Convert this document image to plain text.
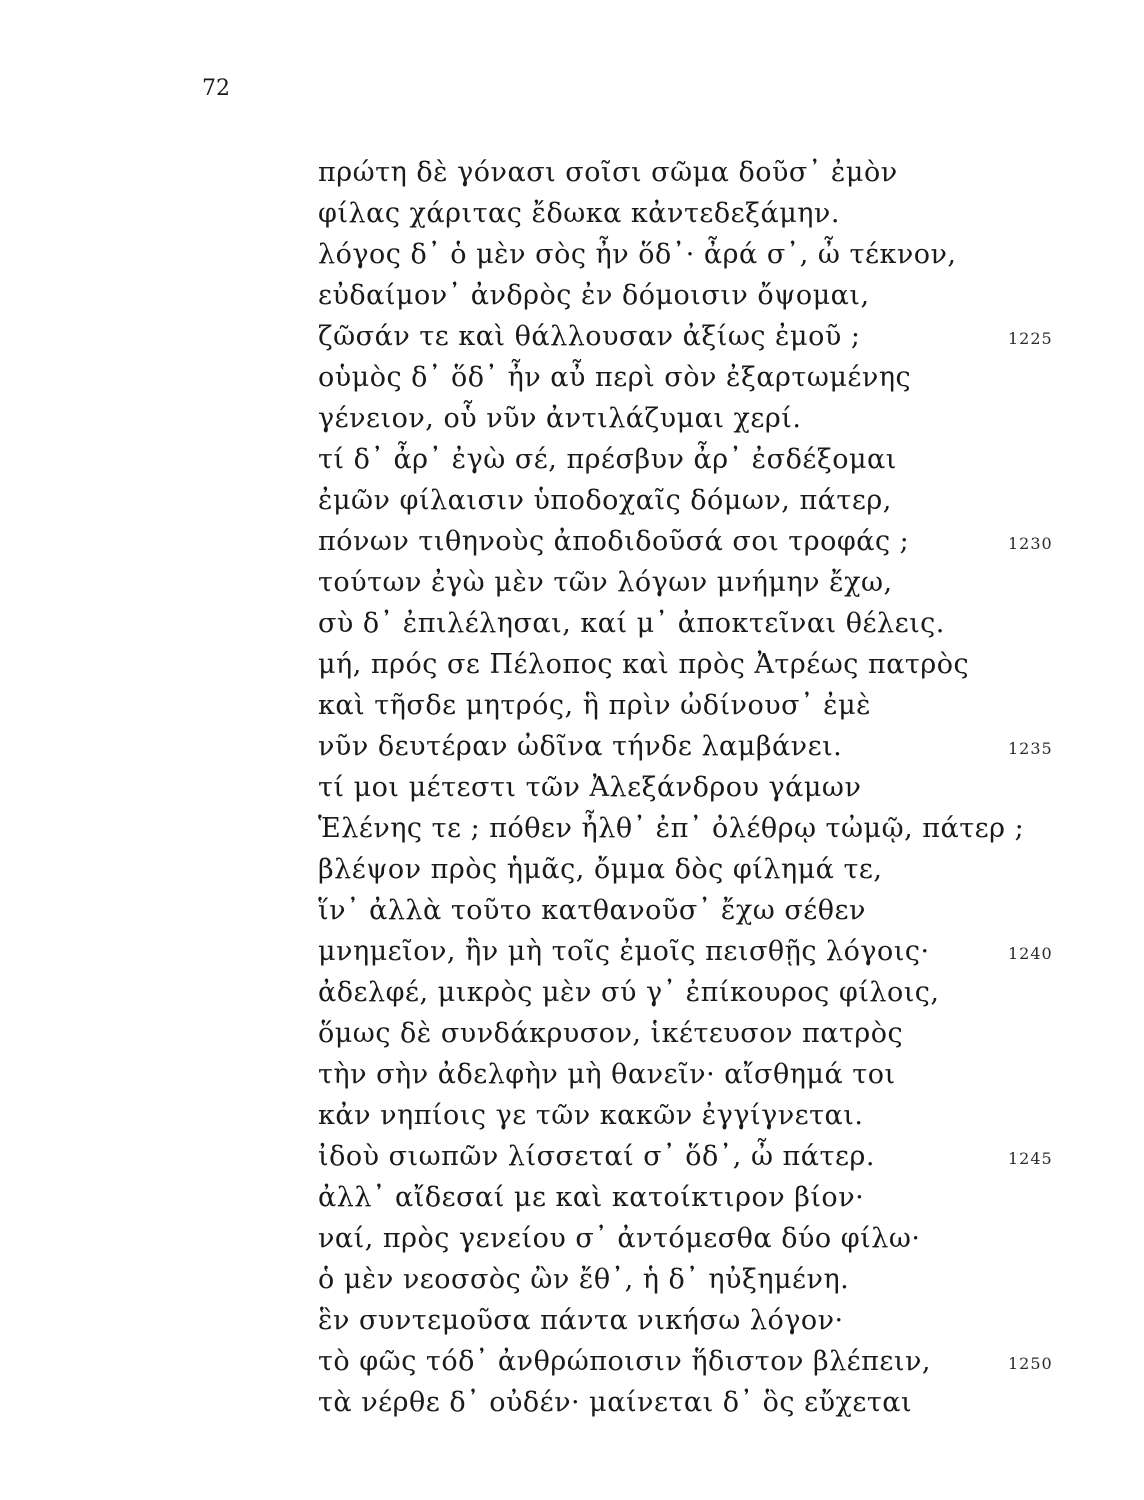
72
πρώτη δὲ γόνασι σοῖσι σῶμα δοῦσ᾽ ἐμὸν
φίλας χάριτας ἔδωκα κἀντεδεξάμην.
λόγος δ᾽ ὁ μὲν σὸς ἦν ὅδ᾽· ἆρά σ᾽, ὦ τέκνον,
εὐδαίμον᾽ ἀνδρὸς ἐν δόμοισιν ὄψομαι,
ζῶσάν τε καὶ θάλλουσαν ἀξίως ἐμοῦ ;	1225
οὑμὸς δ᾽ ὅδ᾽ ἦν αὖ περὶ σὸν ἐξαρτωμένης
γένειον, οὗ νῦν ἀντιλάζυμαι χερί.
τί δ᾽ ἆρ᾽ ἐγὼ σέ, πρέσβυν ἆρ᾽ ἐσδέξομαι
ἐμῶν φίλαισιν ὑποδοχαῖς δόμων, πάτερ,
πόνων τιθηνοὺς ἀποδιδοῦσά σοι τροφάς ;	1230
τούτων ἐγὼ μὲν τῶν λόγων μνήμην ἔχω,
σὺ δ᾽ ἐπιλέλησαι, καί μ᾽ ἀποκτεῖναι θέλεις.
μή, πρός σε Πέλοπος καὶ πρὸς Ἀτρέως πατρὸς
καὶ τῆσδε μητρός, ἣ πρὶν ὠδίνουσ᾽ ἐμὲ
νῦν δευτέραν ὠδῖνα τήνδε λαμβάνει.	1235
τί μοι μέτεστι τῶν Ἀλεξάνδρου γάμων
Ἑλένης τε ; πόθεν ἦλθ᾽ ἐπ᾽ ὀλέθρῳ τὠμῷ, πάτερ ;
βλέψον πρὸς ἡμᾶς, ὄμμα δὸς φίλημά τε,
ἵν᾽ ἀλλὰ τοῦτο κατθανοῦσ᾽ ἔχω σέθεν
μνημεῖον, ἢν μὴ τοῖς ἐμοῖς πεισθῇς λόγοις·	1240
ἀδελφέ, μικρὸς μὲν σύ γ᾽ ἐπίκουρος φίλοις,
ὅμως δὲ συνδάκρυσον, ἱκέτευσον πατρὸς
τὴν σὴν ἀδελφὴν μὴ θανεῖν· αἴσθημά τοι
κἀν νηπίοις γε τῶν κακῶν ἐγγίγνεται.
ἰδοὺ σιωπῶν λίσσεταί σ᾽ ὅδ᾽, ὦ πάτερ.	1245
ἀλλ᾽ αἴδεσαί με καὶ κατοίκτιρον βίον·
ναί, πρὸς γενείου σ᾽ ἀντόμεσθα δύο φίλω·
ὁ μὲν νεοσσὸς ὢν ἔθ᾽, ἡ δ᾽ ηὐξημένη.
ἓν συντεμοῦσα πάντα νικήσω λόγον·
τὸ φῶς τόδ᾽ ἀνθρώποισιν ἥδιστον βλέπειν,	1250
τὰ νέρθε δ᾽ οὐδέν· μαίνεται δ᾽ ὃς εὔχεται
